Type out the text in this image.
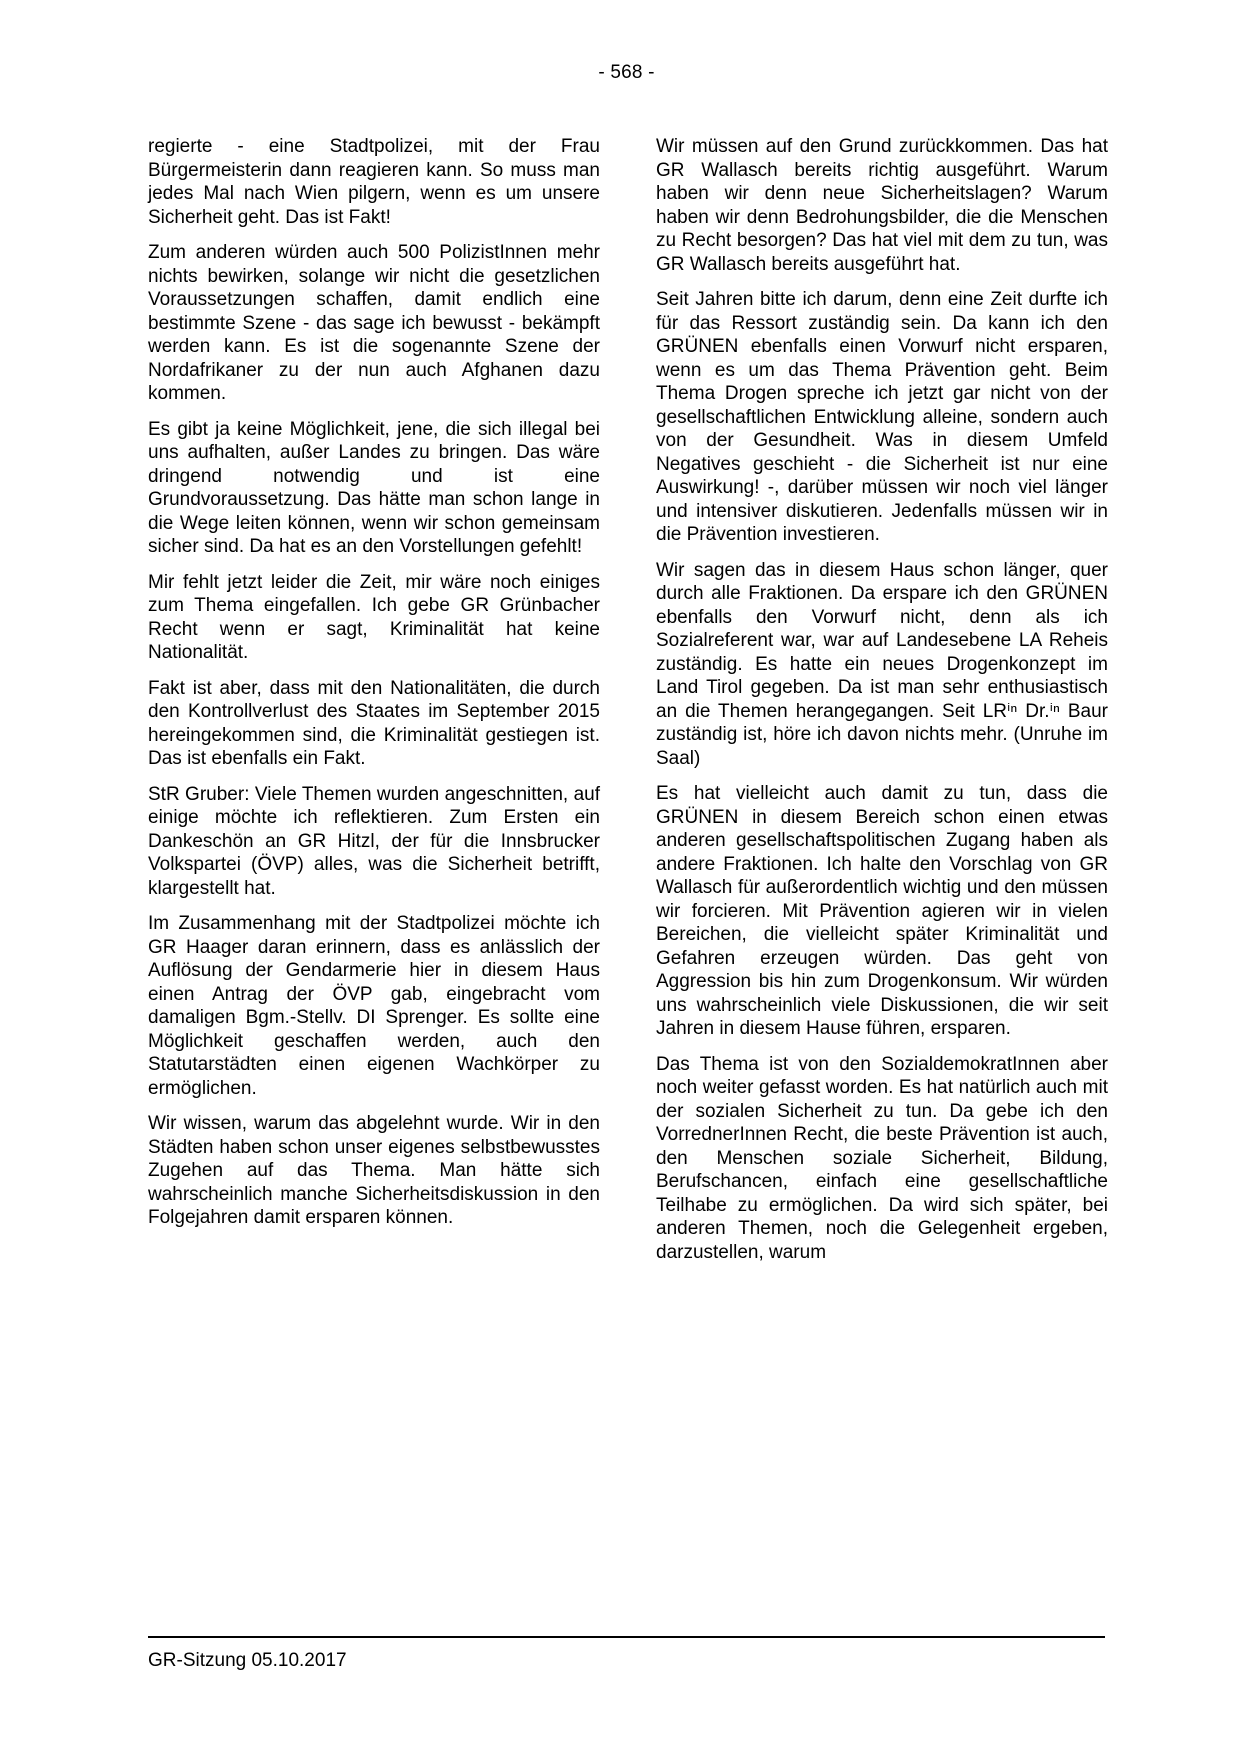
- 568 -

regierte - eine Stadtpolizei, mit der Frau Bürgermeisterin dann reagieren kann. So muss man jedes Mal nach Wien pilgern, wenn es um unsere Sicherheit geht. Das ist Fakt!

Zum anderen würden auch 500 PolizistInnen mehr nichts bewirken, solange wir nicht die gesetzlichen Voraussetzungen schaffen, damit endlich eine bestimmte Szene - das sage ich bewusst - bekämpft werden kann. Es ist die sogenannte Szene der Nordafrikaner zu der nun auch Afghanen dazu kommen.

Es gibt ja keine Möglichkeit, jene, die sich illegal bei uns aufhalten, außer Landes zu bringen. Das wäre dringend notwendig und ist eine Grundvoraussetzung. Das hätte man schon lange in die Wege leiten können, wenn wir schon gemeinsam sicher sind. Da hat es an den Vorstellungen gefehlt!

Mir fehlt jetzt leider die Zeit, mir wäre noch einiges zum Thema eingefallen. Ich gebe GR Grünbacher Recht wenn er sagt, Kriminalität hat keine Nationalität.

Fakt ist aber, dass mit den Nationalitäten, die durch den Kontrollverlust des Staates im September 2015 hereingekommen sind, die Kriminalität gestiegen ist. Das ist ebenfalls ein Fakt.

StR Gruber: Viele Themen wurden angeschnitten, auf einige möchte ich reflektieren. Zum Ersten ein Dankeschön an GR Hitzl, der für die Innsbrucker Volkspartei (ÖVP) alles, was die Sicherheit betrifft, klargestellt hat.

Im Zusammenhang mit der Stadtpolizei möchte ich GR Haager daran erinnern, dass es anlässlich der Auflösung der Gendarmerie hier in diesem Haus einen Antrag der ÖVP gab, eingebracht vom damaligen Bgm.-Stellv. DI Sprenger. Es sollte eine Möglichkeit geschaffen werden, auch den Statutarstädten einen eigenen Wachkörper zu ermöglichen.

Wir wissen, warum das abgelehnt wurde. Wir in den Städten haben schon unser eigenes selbstbewusstes Zugehen auf das Thema. Man hätte sich wahrscheinlich manche Sicherheitsdiskussion in den Folgejahren damit ersparen können.

Wir müssen auf den Grund zurückkommen. Das hat GR Wallasch bereits richtig ausgeführt. Warum haben wir denn neue Sicherheitslagen? Warum haben wir denn Bedrohungsbilder, die die Menschen zu Recht besorgen? Das hat viel mit dem zu tun, was GR Wallasch bereits ausgeführt hat.

Seit Jahren bitte ich darum, denn eine Zeit durfte ich für das Ressort zuständig sein. Da kann ich den GRÜNEN ebenfalls einen Vorwurf nicht ersparen, wenn es um das Thema Prävention geht. Beim Thema Drogen spreche ich jetzt gar nicht von der gesellschaftlichen Entwicklung alleine, sondern auch von der Gesundheit. Was in diesem Umfeld Negatives geschieht - die Sicherheit ist nur eine Auswirkung! -, darüber müssen wir noch viel länger und intensiver diskutieren. Jedenfalls müssen wir in die Prävention investieren.

Wir sagen das in diesem Haus schon länger, quer durch alle Fraktionen. Da erspare ich den GRÜNEN ebenfalls den Vorwurf nicht, denn als ich Sozialreferent war, war auf Landesebene LA Reheis zuständig. Es hatte ein neues Drogenkonzept im Land Tirol gegeben. Da ist man sehr enthusiastisch an die Themen herangegangen. Seit LRⁱⁿ Dr.ⁱⁿ Baur zuständig ist, höre ich davon nichts mehr. (Unruhe im Saal)

Es hat vielleicht auch damit zu tun, dass die GRÜNEN in diesem Bereich schon einen etwas anderen gesellschaftspolitischen Zugang haben als andere Fraktionen. Ich halte den Vorschlag von GR Wallasch für außerordentlich wichtig und den müssen wir forcieren. Mit Prävention agieren wir in vielen Bereichen, die vielleicht später Kriminalität und Gefahren erzeugen würden. Das geht von Aggression bis hin zum Drogenkonsum. Wir würden uns wahrscheinlich viele Diskussionen, die wir seit Jahren in diesem Hause führen, ersparen.

Das Thema ist von den SozialdemokratInnen aber noch weiter gefasst worden. Es hat natürlich auch mit der sozialen Sicherheit zu tun. Da gebe ich den VorrednerInnen Recht, die beste Prävention ist auch, den Menschen soziale Sicherheit, Bildung, Berufschancen, einfach eine gesellschaftliche Teilhabe zu ermöglichen. Da wird sich später, bei anderen Themen, noch die Gelegenheit ergeben, darzustellen, warum

GR-Sitzung 05.10.2017
